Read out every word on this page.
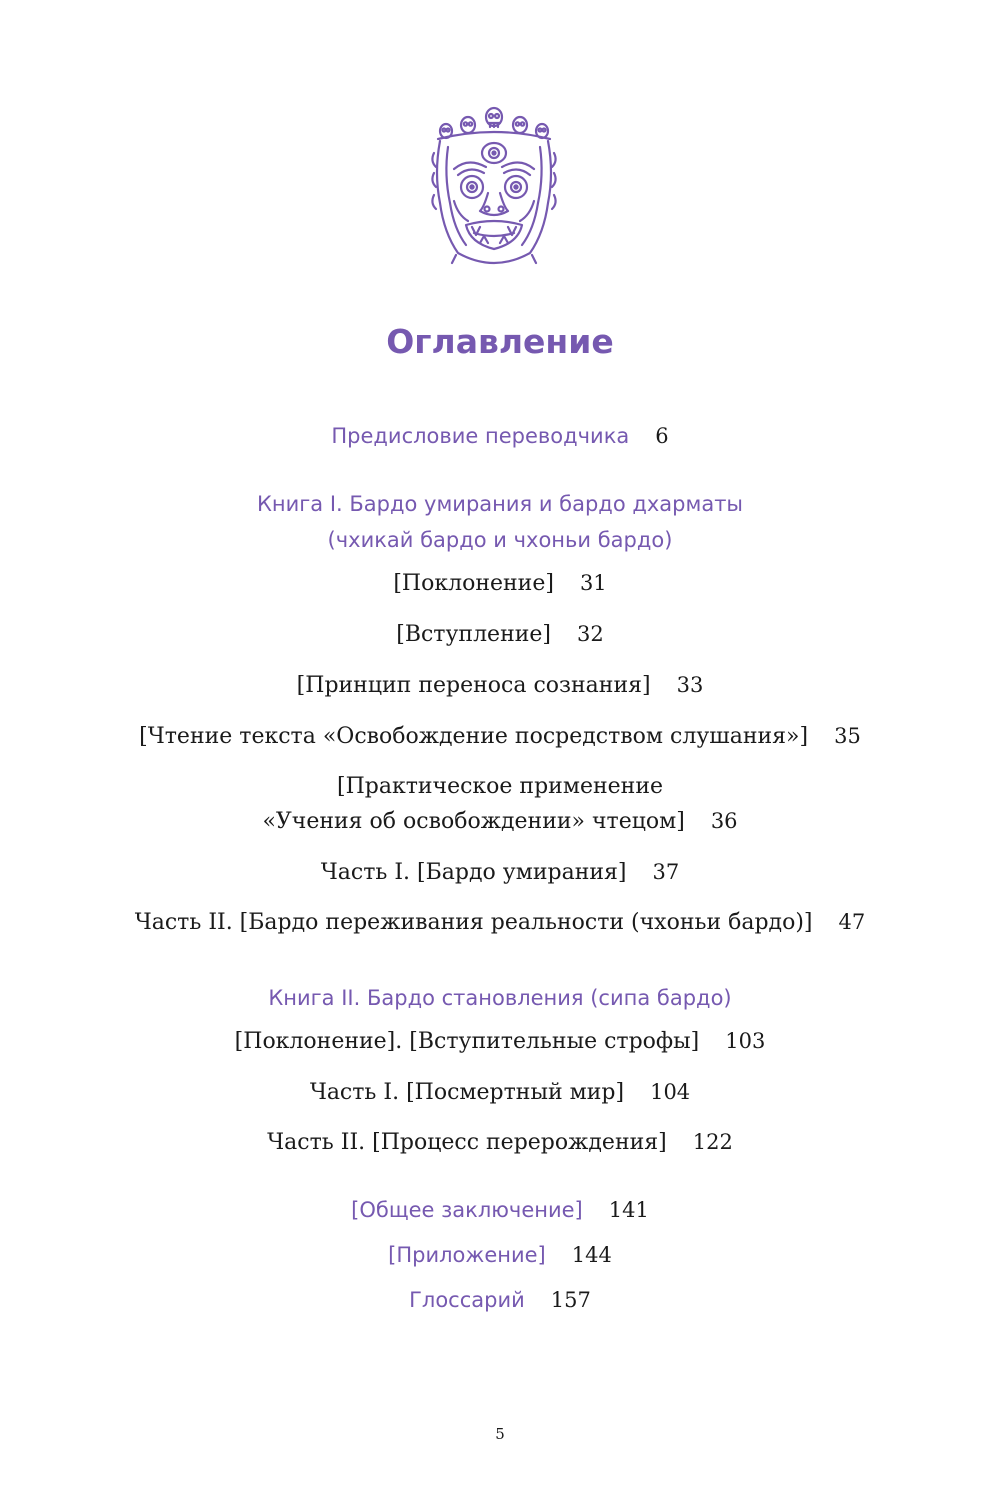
Оглавление
Предисловие переводчика 6
Книга I. Бардо умирания и бардо дхарматы
(чхикай бардо и чхоньи бардо)
[Поклонение] 31
[Вступление] 32
[Принцип переноса сознания] 33
[Чтение текста «Освобождение посредством слушания»] 35
[Практическое применение
«Учения об освобождении» чтецом] 36
Часть I. [Бардо умирания] 37
Часть II. [Бардо переживания реальности (чхоньи бардо)] 47
Книга II. Бардо становления (сипа бардо)
[Поклонение]. [Вступительные строфы] 103
Часть I. [Посмертный мир] 104
Часть II. [Процесс перерождения] 122
[Общее заключение] 141
[Приложение] 144
Глоссарий 157
5
